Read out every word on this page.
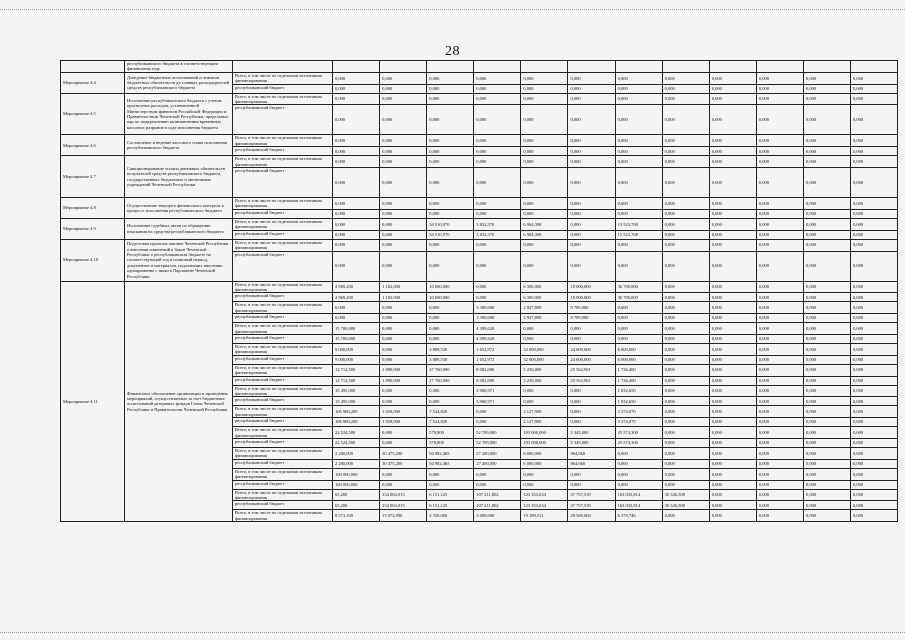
28
	республиканского бюджета в соответствующем финансовом году													
Мероприятие 4.4	Доведение бюджетных ассигнований и лимитов бюджетных обязательств до главных распорядителей средств республиканского бюджета	Всего, в том числе по отдельным источникам финансирования	0,000	0,000	0,000	0,000	0,000	0,000	0,000	0,000	0,000	0,000	0,000	0,000
		республиканский бюджет	0,000	0,000	0,000	0,000	0,000	0,000	0,000	0,000	0,000	0,000	0,000	0,000
Мероприятие 4.5	Исполнение республиканского бюджета с учетом прогнозных расходов, установленной Министерством финансов Российской Федерации и Правительством Чеченской Республики, предельных пар по подкреплению возникновения временных кассовых разрывов в ходе исполнения бюджета	Всего, в том числе по отдельным источникам финансирования	0,000	0,000	0,000	0,000	0,000	0,000	0,000	0,000	0,000	0,000	0,000	0,000
		республиканский бюджет	0,000	0,000	0,000	0,000	0,000	0,000	0,000	0,000	0,000	0,000	0,000	0,000
Мероприятие 4.6	Составление и ведение кассового плана исполнения республиканского бюджета	Всего, в том числе по отдельным источникам финансирования	0,000	0,000	0,000	0,000	0,000	0,000	0,000	0,000	0,000	0,000	0,000	0,000
		республиканский бюджет	0,000	0,000	0,000	0,000	0,000	0,000	0,000	0,000	0,000	0,000	0,000	0,000
Мероприятие 4.7	Санкционирование оплаты денежных обязательств получателей средств республиканского бюджета, государственных бюджетных и автономных учреждений Чеченской Республики	Всего, в том числе по отдельным источникам финансирования	0,000	0,000	0,000	0,000	0,000	0,000	0,000	0,000	0,000	0,000	0,000	0,000
		республиканский бюджет	0,000	0,000	0,000	0,000	0,000	0,000	0,000	0,000	0,000	0,000	0,000	0,000
Мероприятие 4.8	Осуществление текущего финансового контроля в процессе исполнения республиканского бюджета	Всего, в том числе по отдельным источникам финансирования	0,000	0,000	0,000	0,000	0,000	0,000	0,000	0,000	0,000	0,000	0,000	0,000
		республиканский бюджет	0,000	0,000	0,000	0,000	0,000	0,000	0,000	0,000	0,000	0,000	0,000	0,000
Мероприятие 4.9	Исполнение судебных актов по обращению взыскания на средства республиканского бюджета	Всего, в том числе по отдельным источникам финансирования	0,000	0,000	34 510,970	3 832,570	6 964,398	0,000	15 523,708	0,000	0,000	0,000	0,000	0,000
		республиканский бюджет	0,000	0,000	34 510,970	3 832,570	6 964,398	0,000	15 523,708	0,000	0,000	0,000	0,000	0,000
Мероприятие 4.10	Подготовка проектов законов Чеченской Республики о внесении изменений в Закон Чеченской Республики о республиканском бюджете на соответствующий год и плановый период, документов и материалов, подлежащих внесению одновременно с ними в Парламент Чеченской Республики	Всего, в том числе по отдельным источникам финансирования	0,000	0,000	0,000	0,000	0,000	0,000	0,000	0,000	0,000	0,000	0,000	0,000
		республиканский бюджет	0,000	0,000	0,000	0,000	0,000	0,000	0,000	0,000	0,000	0,000	0,000	0,000
Мероприятие 4.11	Финансовое обеспечение организации и проведения мероприятий, осуществляемых за счет бюджетных ассигнований резервных фондов Главы Чеченской Республики и Правительства Чеченской Республики	Всего, в том числе по отдельным источникам финансирования	4 969,200	1 182,000	10 000,000	0,000	6 390,000	18 000,000	36 700,000	0,000	0,000	0,000	0,000	0,000
		республиканский бюджет	4 969,200	1 182,000	10 000,000	0,000	6 390,000	18 000,000	36 700,000	0,000	0,000	0,000	0,000	0,000
		Всего, в том числе по отдельным источникам финансирования	0,000	0,000	0,000	3 390,000	2 927,890	9 789,980	0,000	0,000	0,000	0,000	0,000	0,000
		республиканский бюджет	0,000	0,000	0,000	3 390,000	2 927,890	9 789,980	0,000	0,000	0,000	0,000	0,000	0,000
		Всего, в том числе по отдельным источникам финансирования	15 700,000	0,000	0,000	4 399,620	0,000	0,000	0,000	0,000	0,000	0,000	0,000	0,000
		республиканский бюджет	15 700,000	0,000	0,000	4 399,620	0,000	0,000	0,000	0,000	0,000	0,000	0,000	0,000
		Всего, в том числе по отдельным источникам финансирования	9 000,000	0,000	3 889,530	1 652,972	32 000,000	24 600,000	6 000,000	0,000	0,000	0,000	0,000	0,000
		республиканский бюджет	9 000,000	0,000	3 889,530	1 652,972	32 000,000	24 600,000	6 000,000	0,000	0,000	0,000	0,000	0,000
		Всего, в том числе по отдельным источникам финансирования	12 712,500	1 890,000	27 760,900	8 082,000	5 230,000	25 562,901	1 736,400	0,000	0,000	0,000	0,000	0,000
		республиканский бюджет	12 712,500	1 890,000	27 760,900	8 082,000	5 230,000	25 562,901	1 736,400	0,000	0,000	0,000	0,000	0,000
		Всего, в том числе по отдельным источникам финансирования	15 495,000	0,000	0,000	3 968,971	0,000	0,000	1 032,650	0,000	0,000	0,000	0,000	0,000
		республиканский бюджет	15 495,000	0,000	0,000	3 968,971	0,000	0,000	1 032,650	0,000	0,000	0,000	0,000	0,000
		Всего, в том числе по отдельным источникам финансирования	106 900,200	1 658,000	7 524,820	0,000	2 127,900	0,000	3 374,070	0,000	0,000	0,000	0,000	0,000
		республиканский бюджет	106 900,200	1 658,000	7 524,820	0,000	2 127,900	0,000	3 374,070	0,000	0,000	0,000	0,000	0,000
		Всего, в том числе по отдельным источникам финансирования	22 524,500	0,000	578,800	52 709,000	103 000,000	5 345,000	25 574,300	0,000	0,000	0,000	0,000	0,000
		республиканский бюджет	22 524,500	0,000	578,800	52 709,000	103 000,000	5 345,000	25 574,300	0,000	0,000	0,000	0,000	0,000
		Всего, в том числе по отдельным источникам финансирования	2 280,000	30 475,200	94 982,465	27 200,000	6 000,000	864,660	0,000	0,000	0,000	0,000	0,000	0,000
		республиканский бюджет	2 280,000	30 475,200	94 982,465	27 200,000	6 000,000	864,660	0,000	0,000	0,000	0,000	0,000	0,000
		Всего, в том числе по отдельным источникам финансирования	100 000,000	0,000	0,000	0,000	0,000	0,000	0,000	0,000	0,000	0,000	0,000	0,000
		республиканский бюджет	100 000,000	0,000	0,000	0,000	0,000	0,000	0,000	0,000	0,000	0,000	0,000	0,000
		Всего, в том числе по отдельным источникам финансирования	65,200	234 004,015	6 151,125	107 211,802	123 353,634	37 757,539	163 033,814	30 346,508	0,000	0,000	0,000	0,000
		республиканский бюджет	65,200	234 004,015	6 151,125	107 211,802	123 353,634	37 757,539	163 033,814	30 346,508	0,000	0,000	0,000	0,000
		Всего, в том числе по отдельным источникам финансирования	8 573,100	15 972,996	2 550,000	3 000,000	19 189,511	29 580,000	6 379,746	0,000	0,000	0,000	0,000	0,000
